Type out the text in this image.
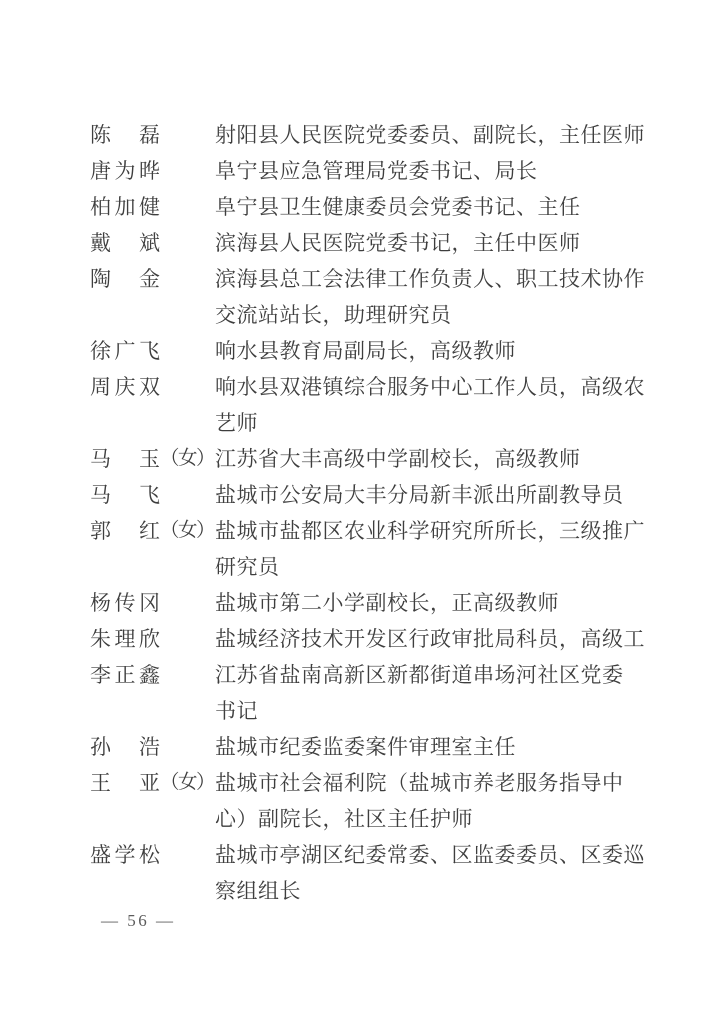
陈磊	射阳县人民医院党委委员、副院长，主任医师
唐为晔	阜宁县应急管理局党委书记、局长
柏加健	阜宁县卫生健康委员会党委书记、主任
戴斌	滨海县人民医院党委书记，主任中医师
陶金	滨海县总工会法律工作负责人、职工技术协作
交流站站长，助理研究员
徐广飞	响水县教育局副局长，高级教师
周庆双	响水县双港镇综合服务中心工作人员，高级农
艺师
马玉 （女） 江苏省大丰高级中学副校长，高级教师
马飞	盐城市公安局大丰分局新丰派出所副教导员
郭红 （女） 盐城市盐都区农业科学研究所所长，三级推广
研究员
杨传冈	盐城市第二小学副校长，正高级教师
朱理欣	盐城经济技术开发区行政审批局科员，高级工
李正鑫	江苏省盐南高新区新都街道串场河社区党委
书记
孙浩	盐城市纪委监委案件审理室主任
王亚 （女） 盐城市社会福利院（盐城市养老服务指导中
心）副院长，社区主任护师
盛学松	盐城市亭湖区纪委常委、区监委委员、区委巡
察组组长
— 56 —
